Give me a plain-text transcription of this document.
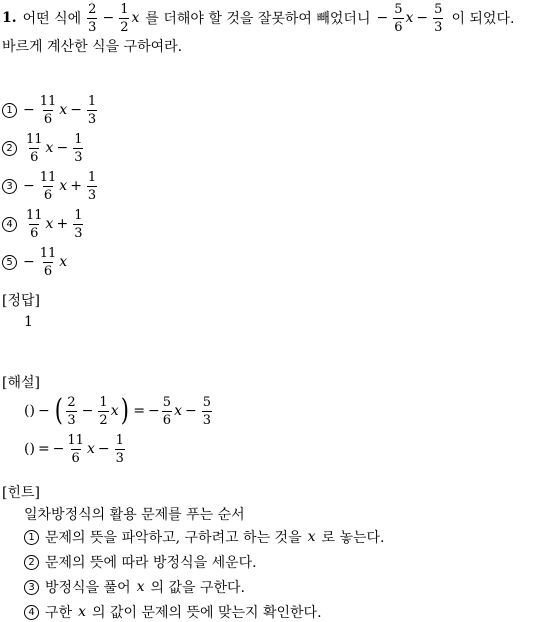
1. 어떤 식에 $\frac{2}{3} - \frac{1}{2}$ x 를 더해야 할 것을 잘못하여 빼었더니 − $\frac{5}{6}$ $x - \frac{5}{3}$ 이 되었다.
바르게 계산한 식을 구하여라.
$1 - \frac{11}{6}$ $x - \frac{1}{3}$
$2 \frac{11}{6}$ $x - \frac{1}{3}$
$3 - \frac{11}{6}$ $x + \frac{1}{3}$
$4 \frac{11}{6}$ $x + \frac{1}{3}$
$5 - \frac{11}{6}$ x
[정답]
1
[해설]
() − ( $\frac{2}{3} - \frac{1}{2}$ x ) = − $\frac{5}{6}$ $x - \frac{5}{3}$
() = − $\frac{11}{6}$ $x - \frac{1}{3}$
[힌트]
일차방정식의 활용 문제를 푸는 순서
1 문제의 뜻을 파악하고, 구하려고 하는 것을 x 로 놓는다.
2 문제의 뜻에 따라 방정식을 세운다.
3 방정식을 풀어 x 의 값을 구한다.
4 구한 x 의 값이 문제의 뜻에 맞는지 확인한다.
